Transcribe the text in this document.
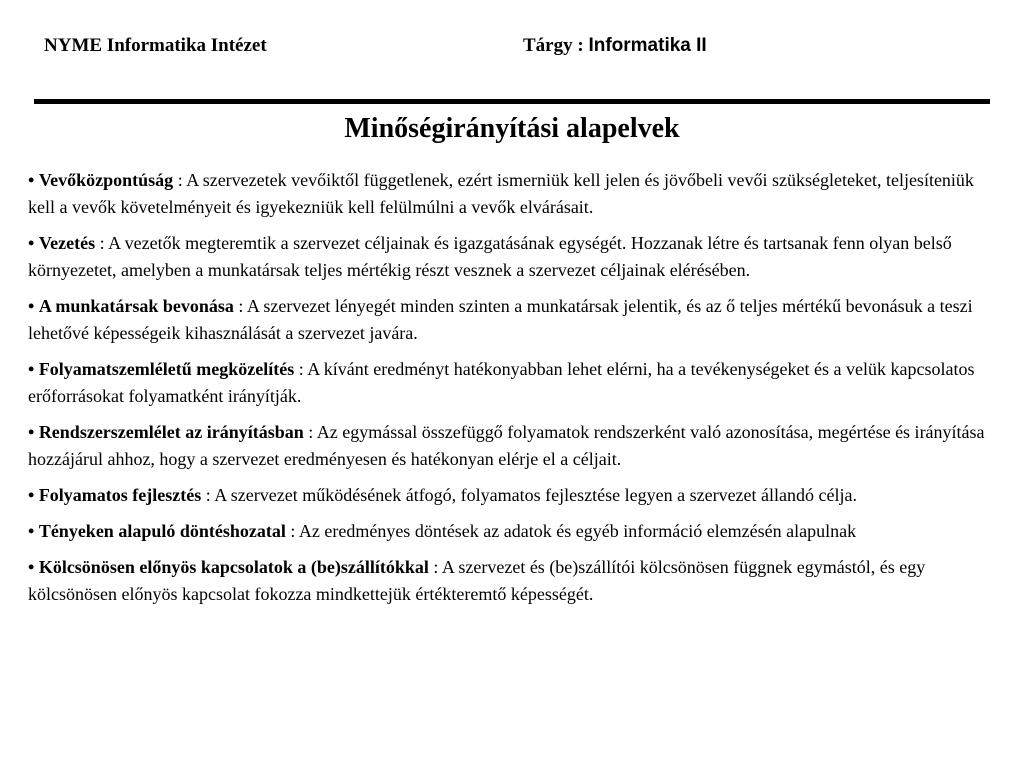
NYME Informatika Intézet	Tárgy : Informatika II
Minőségirányítási alapelvek

• Vevőközpontúság : A szervezetek vevőiktől függetlenek, ezért ismerniük kell jelen és jövőbeli vevői szükségleteket, teljesíteniük kell a vevők követelményeit és igyekezniük kell felülmúlni a vevők elvárásait.

• Vezetés : A vezetők megteremtik a szervezet céljainak és igazgatásának egységét. Hozzanak létre és tartsanak fenn olyan belső környezetet, amelyben a munkatársak teljes mértékig részt vesznek a szervezet céljainak elérésében.

• A munkatársak bevonása : A szervezet lényegét minden szinten a munkatársak jelentik, és az ő teljes mértékű bevonásuk a teszi lehetővé képességeik kihasználását a szervezet javára.

• Folyamatszemléletű megközelítés : A kívánt eredményt hatékonyabban lehet elérni, ha a tevékenységeket és a velük kapcsolatos erőforrásokat folyamatként irányítják.

• Rendszerszemlélet az irányításban : Az egymással összefüggő folyamatok rendszerként való azonosítása, megértése és irányítása hozzájárul ahhoz, hogy a szervezet eredményesen és hatékonyan elérje el a céljait.

• Folyamatos fejlesztés : A szervezet működésének átfogó, folyamatos fejlesztése legyen a szervezet állandó célja.

• Tényeken alapuló döntéshozatal : Az eredményes döntések az adatok és egyéb információ elemzésén alapulnak

• Kölcsönösen előnyös kapcsolatok a (be)szállítókkal : A szervezet és (be)szállítói kölcsönösen függnek egymástól, és egy kölcsönösen előnyös kapcsolat fokozza mindkettejük értékteremtő képességét.
